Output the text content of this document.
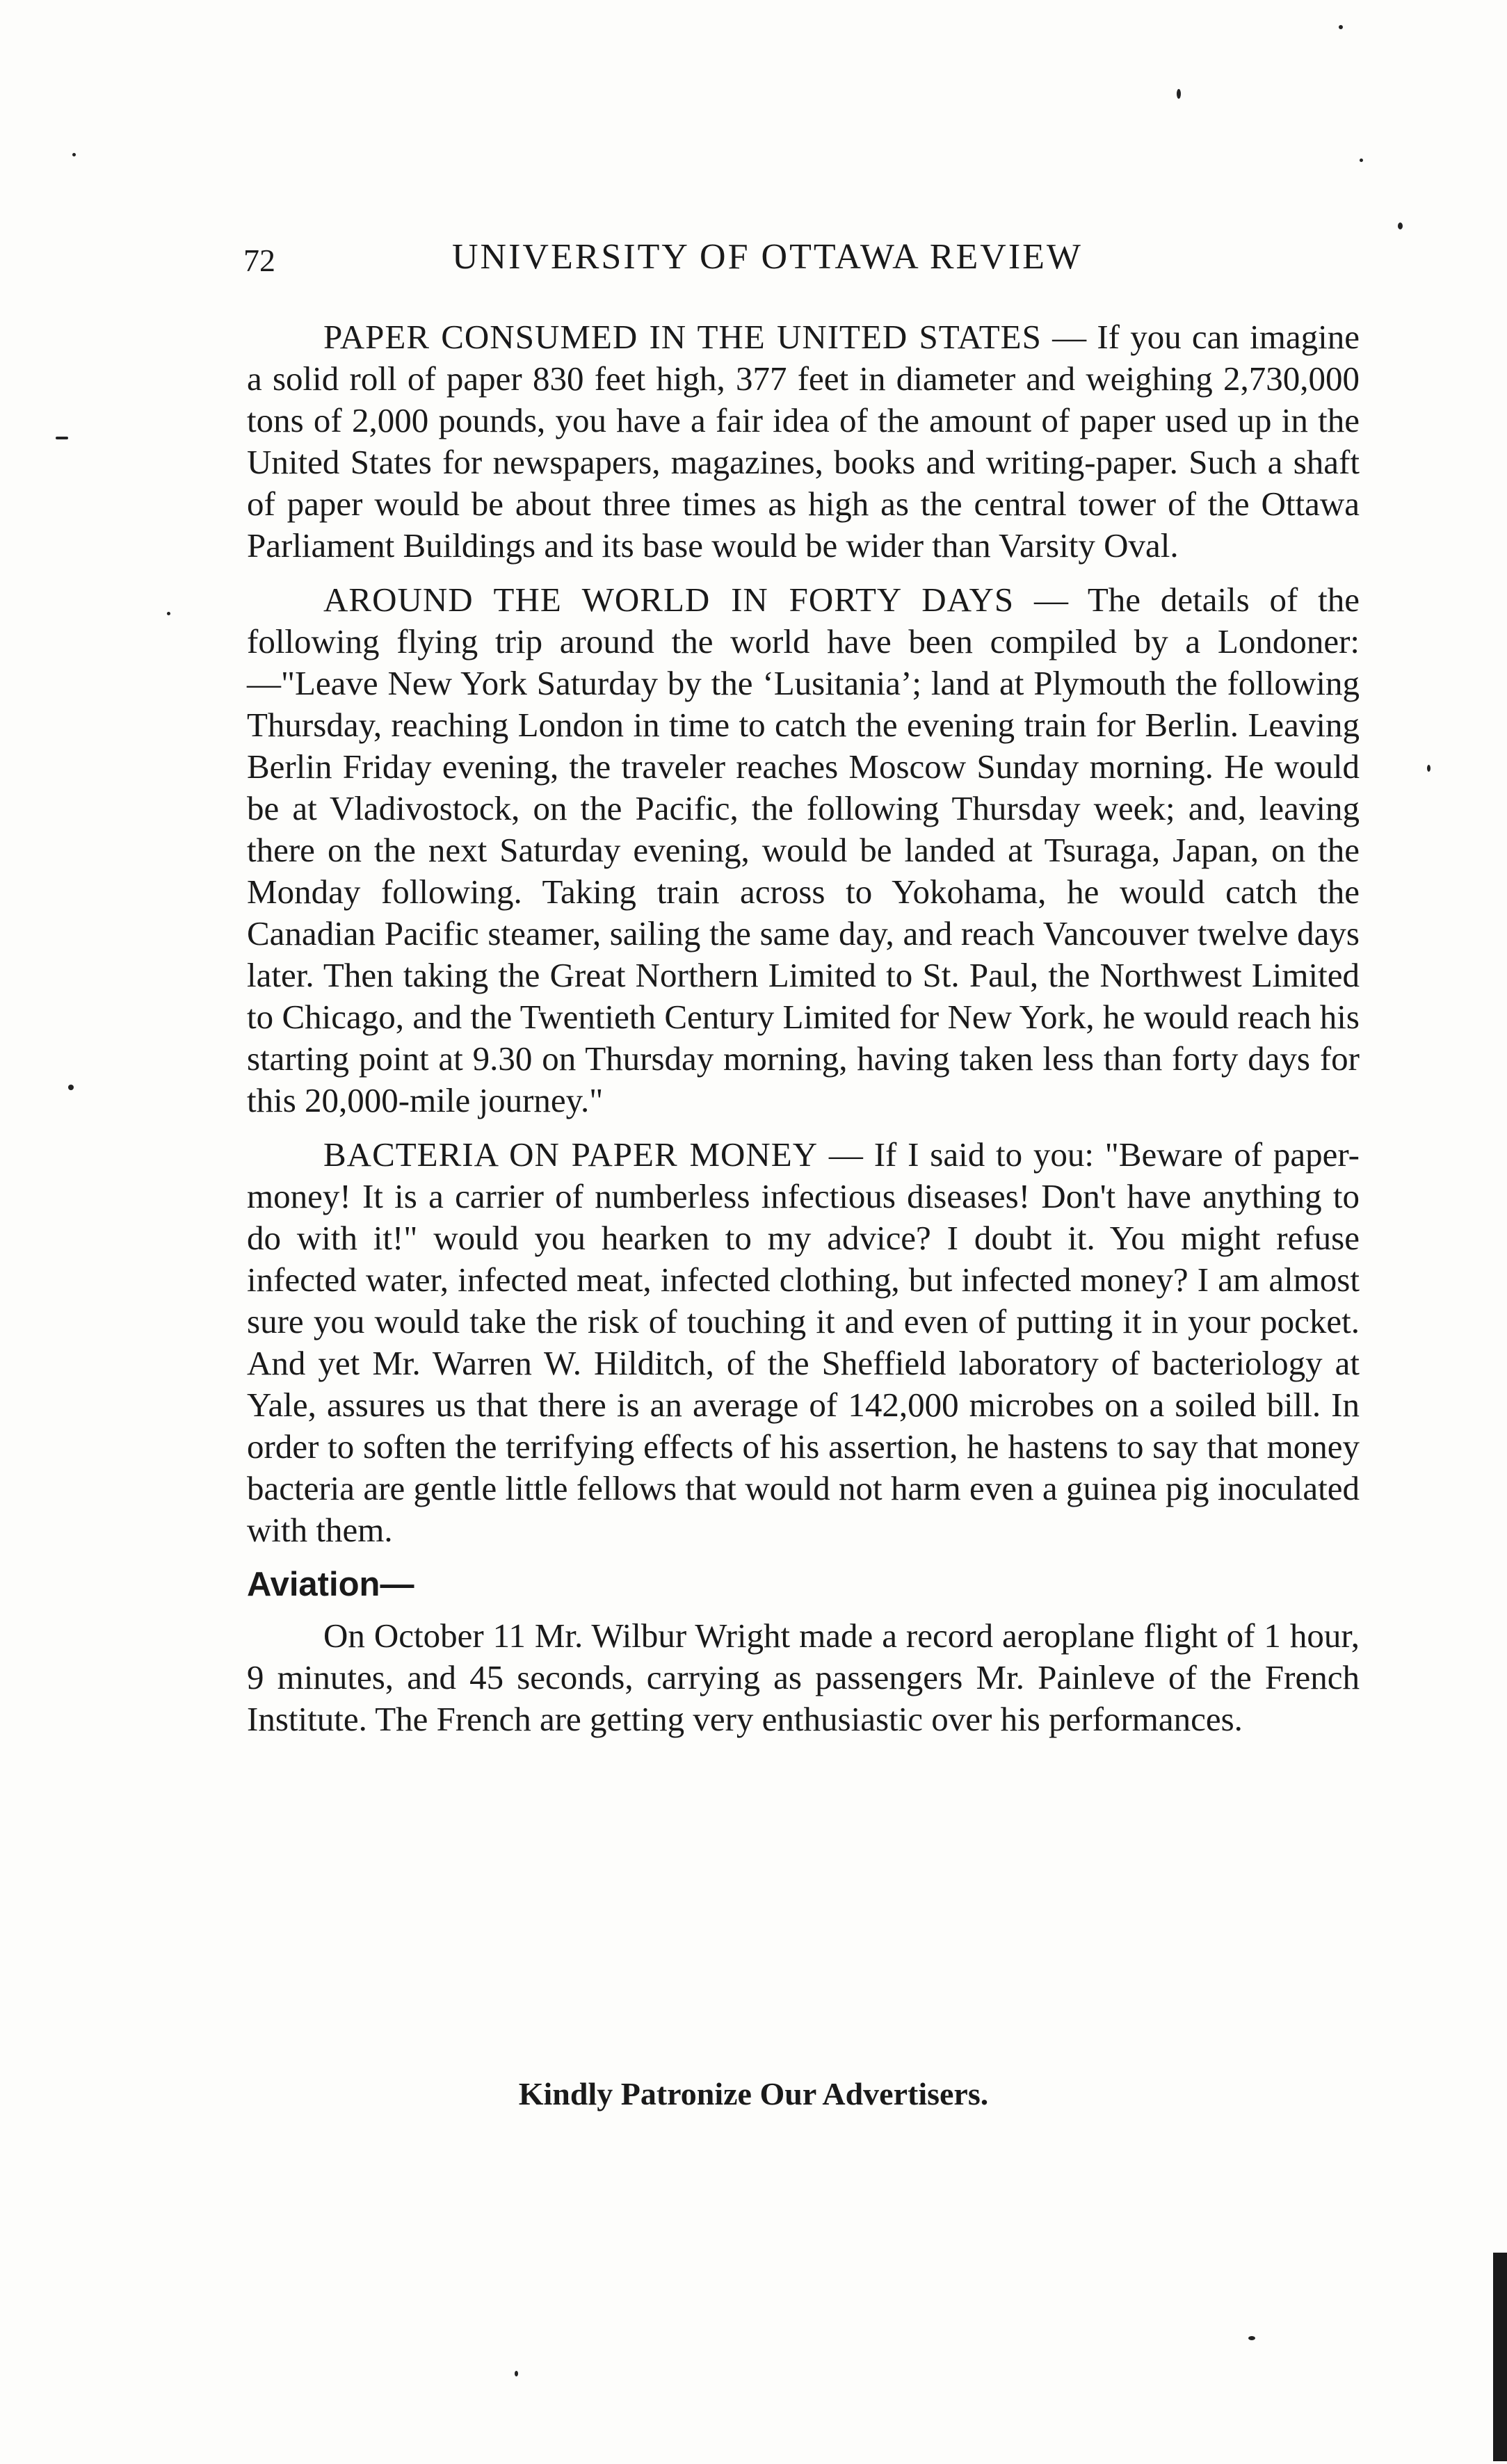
72	UNIVERSITY OF OTTAWA REVIEW

PAPER CONSUMED IN THE UNITED STATES — If you can imagine a solid roll of paper 830 feet high, 377 feet in diameter and weighing 2,730,000 tons of 2,000 pounds, you have a fair idea of the amount of paper used up in the United States for newspapers, magazines, books and writing-paper. Such a shaft of paper would be about three times as high as the central tower of the Ottawa Parliament Buildings and its base would be wider than Varsity Oval.

AROUND THE WORLD IN FORTY DAYS — The details of the following flying trip around the world have been compiled by a Londoner:—"Leave New York Saturday by the ‘Lusitania’; land at Plymouth the following Thursday, reaching London in time to catch the evening train for Berlin. Leaving Berlin Friday evening, the traveler reaches Moscow Sunday morning. He would be at Vladivostock, on the Pacific, the following Thursday week; and, leaving there on the next Saturday evening, would be landed at Tsuraga, Japan, on the Monday following. Taking train across to Yokohama, he would catch the Canadian Pacific steamer, sailing the same day, and reach Vancouver twelve days later. Then taking the Great Northern Limited to St. Paul, the Northwest Limited to Chicago, and the Twentieth Century Limited for New York, he would reach his starting point at 9.30 on Thursday morning, having taken less than forty days for this 20,000-mile journey."

BACTERIA ON PAPER MONEY — If I said to you: "Beware of paper-money! It is a carrier of numberless infectious diseases! Don't have anything to do with it!" would you hearken to my advice? I doubt it. You might refuse infected water, infected meat, infected clothing, but infected money? I am almost sure you would take the risk of touching it and even of putting it in your pocket. And yet Mr. Warren W. Hilditch, of the Sheffield laboratory of bacteriology at Yale, assures us that there is an average of 142,000 microbes on a soiled bill. In order to soften the terrifying effects of his assertion, he hastens to say that money bacteria are gentle little fellows that would not harm even a guinea pig inoculated with them.

Aviation—

On October 11 Mr. Wilbur Wright made a record aeroplane flight of 1 hour, 9 minutes, and 45 seconds, carrying as passengers Mr. Painleve of the French Institute. The French are getting very enthusiastic over his performances.

Kindly Patronize Our Advertisers.
